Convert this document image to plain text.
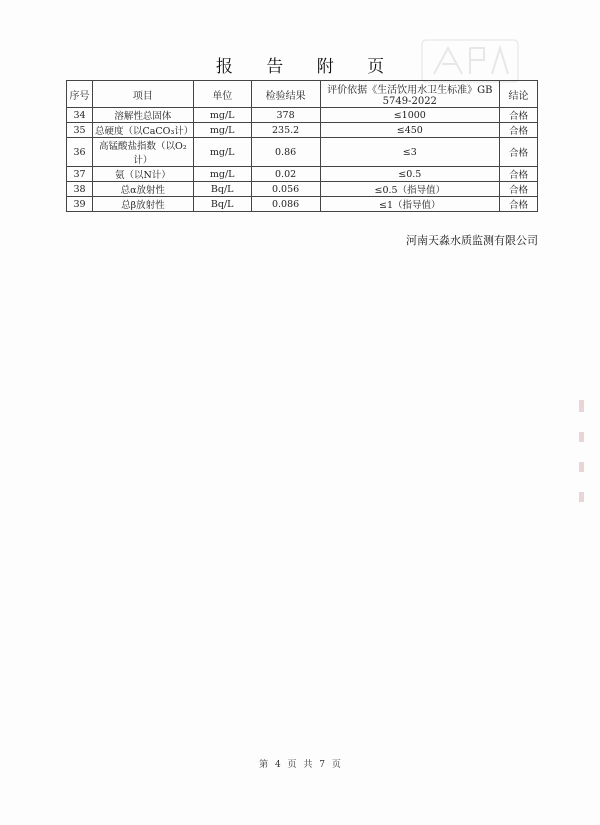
报 告 附 页
序号	项目	单位	检验结果	评价依据《生活饮用水卫生标准》GB 5749-2022	结论
34	溶解性总固体	mg/L	378	≤1000	合格
35	总硬度（以CaCO₃计）	mg/L	235.2	≤450	合格
36	高锰酸盐指数（以O₂计）	mg/L	0.86	≤3	合格
37	氨（以N计）	mg/L	0.02	≤0.5	合格
38	总α放射性	Bq/L	0.056	≤0.5（指导值）	合格
39	总β放射性	Bq/L	0.086	≤1（指导值）	合格
河南天淼水质监测有限公司
第 4 页 共 7 页
